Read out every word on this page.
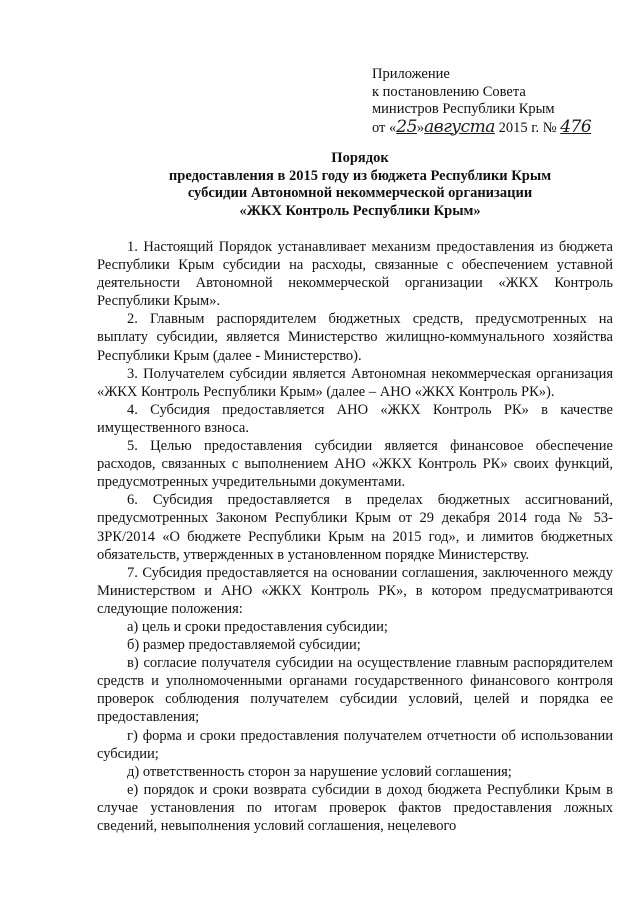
Приложение
к постановлению Совета
министров Республики Крым
от «25»августа 2015 г. № 476
Порядок
предоставления в 2015 году из бюджета Республики Крым
субсидии Автономной некоммерческой организации
«ЖКХ Контроль Республики Крым»

1. Настоящий Порядок устанавливает механизм предоставления из бюджета Республики Крым субсидии на расходы, связанные с обеспечением уставной деятельности Автономной некоммерческой организации «ЖКХ Контроль Республики Крым».

2. Главным распорядителем бюджетных средств, предусмотренных на выплату субсидии, является Министерство жилищно-коммунального хозяйства Республики Крым (далее - Министерство).

3. Получателем субсидии является Автономная некоммерческая организация «ЖКХ Контроль Республики Крым» (далее – АНО «ЖКХ Контроль РК»).

4. Субсидия предоставляется АНО «ЖКХ Контроль РК» в качестве имущественного взноса.

5. Целью предоставления субсидии является финансовое обеспечение расходов, связанных с выполнением АНО «ЖКХ Контроль РК» своих функций, предусмотренных учредительными документами.

6. Субсидия предоставляется в пределах бюджетных ассигнований, предусмотренных Законом Республики Крым от 29 декабря 2014 года № 53-ЗРК/2014 «О бюджете Республики Крым на 2015 год», и лимитов бюджетных обязательств, утвержденных в установленном порядке Министерству.

7. Субсидия предоставляется на основании соглашения, заключенного между Министерством и АНО «ЖКХ Контроль РК», в котором предусматриваются следующие положения:

а) цель и сроки предоставления субсидии;

б) размер предоставляемой субсидии;

в) согласие получателя субсидии на осуществление главным распорядителем средств и уполномоченными органами государственного финансового контроля проверок соблюдения получателем субсидии условий, целей и порядка ее предоставления;

г) форма и сроки предоставления получателем отчетности об использовании субсидии;

д) ответственность сторон за нарушение условий соглашения;

е) порядок и сроки возврата субсидии в доход бюджета Республики Крым в случае установления по итогам проверок фактов предоставления ложных сведений, невыполнения условий соглашения, нецелевого
